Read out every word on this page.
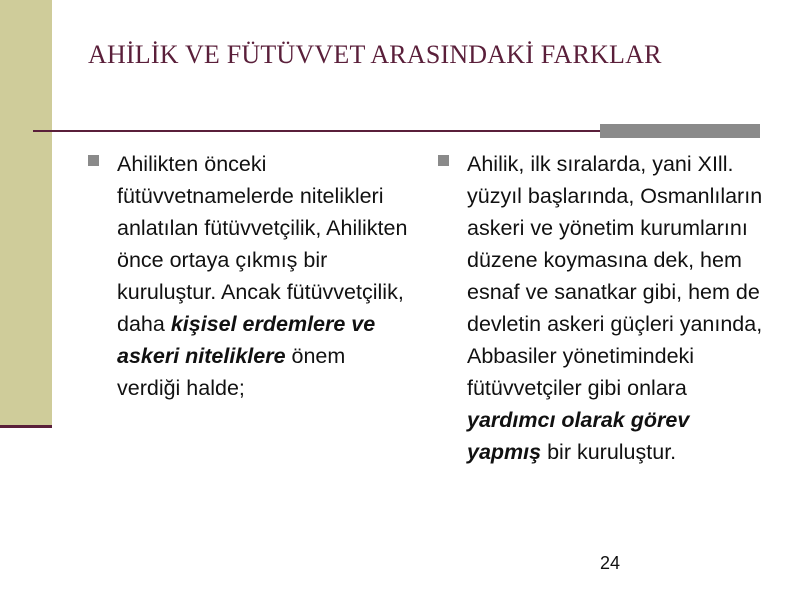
AHİLİK VE FÜTÜVVET ARASINDAKİ FARKLAR
Ahilikten önceki fütüvvetnamelerde nitelikleri anlatılan fütüvvetçilik, Ahilikten önce ortaya çıkmış bir kuruluştur. Ancak fütüvvetçilik, daha kişisel erdemlere ve askeri niteliklere önem verdiği halde;
Ahilik, ilk sıralarda, yani XIll. yüzyıl başlarında, Osmanlıların askeri ve yönetim kurumlarını düzene koymasına dek, hem esnaf ve sanatkar gibi, hem de devletin askeri güçleri yanında, Abbasiler yönetimindeki fütüvvetçiler gibi onlara yardımcı olarak görev yapmış bir kuruluştur.
24
